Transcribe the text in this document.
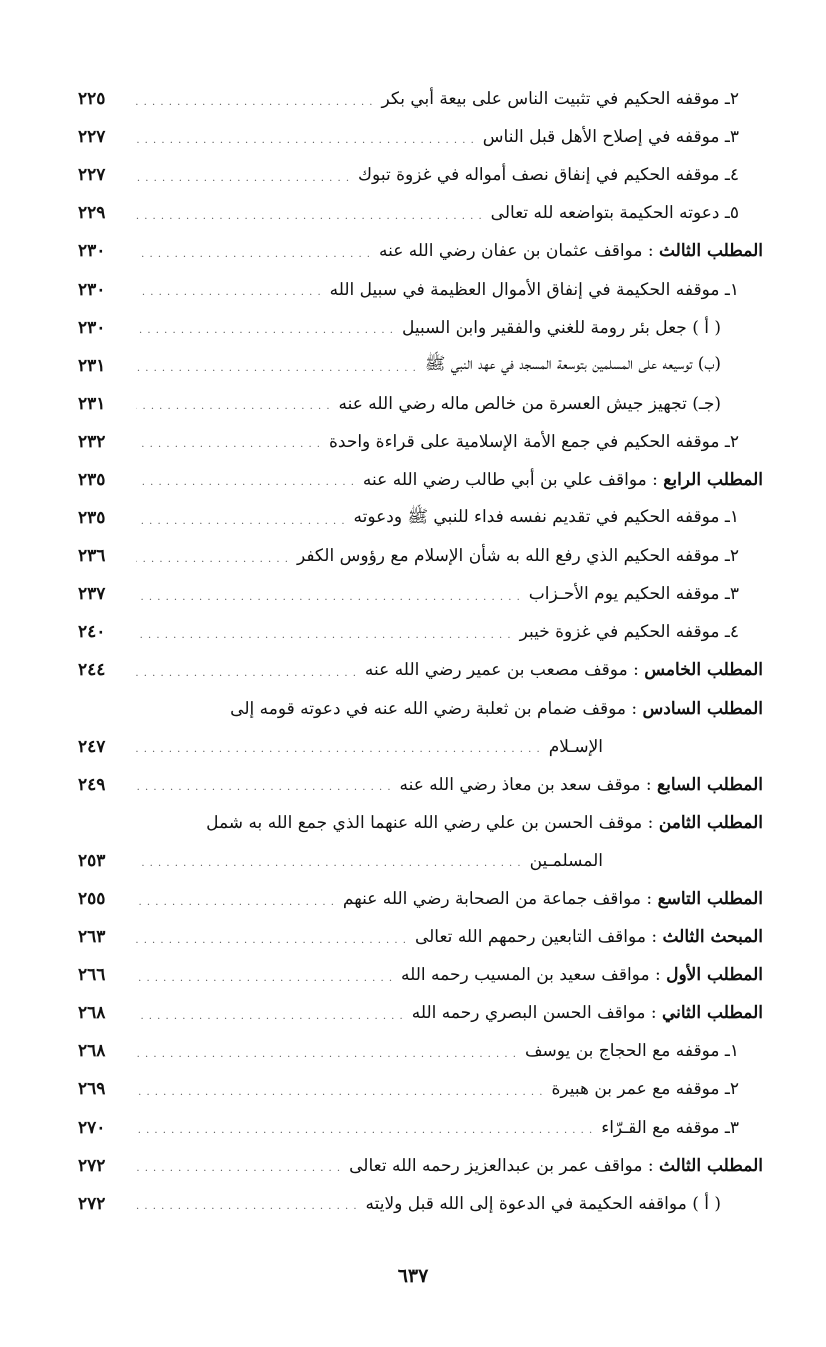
٢ـ موقفه الحكيم في تثبيت الناس على بيعة أبي بكر
. . .
٢٢٥
٣ـ موقفه في إصلاح الأهل قبل الناس
. . .
٢٢٧
٤ـ موقفه الحكيم في إنفاق نصف أمواله في غزوة تبوك
. . .
٢٢٧
٥ـ دعوته الحكيمة بتواضعه لله تعالى
. . .
٢٢٩
المطلب الثالث : مواقف عثمان بن عفان رضي الله عنه
. . .
٢٣٠
١ـ موقفه الحكيمة في إنفاق الأموال العظيمة في سبيل الله
. . .
٢٣٠
( أ ) جعل بئر رومة للغني والفقير وابن السبيل
. . .
٢٣٠
(ب) توسيعه على المسلمين بتوسعة المسجد في عهد النبي ﷺ
. . .
٢٣١
(جـ) تجهيز جيش العسرة من خالص ماله رضي الله عنه
. . .
٢٣١
٢ـ موقفه الحكيم في جمع الأمة الإسلامية على قراءة واحدة
. . .
٢٣٢
المطلب الرابع : مواقف علي بن أبي طالب رضي الله عنه
. . .
٢٣٥
١ـ موقفه الحكيم في تقديم نفسه فداء للنبي ﷺ ودعوته
. . .
٢٣٥
٢ـ موقفه الحكيم الذي رفع الله به شأن الإسلام مع رؤوس الكفر
. . .
٢٣٦
٣ـ موقفه الحكيم يوم الأحـزاب
. . .
٢٣٧
٤ـ موقفه الحكيم في غزوة خيبر
. . .
٢٤٠
المطلب الخامس : موقف مصعب بن عمير رضي الله عنه
. . .
٢٤٤
المطلب السادس : موقف ضمام بن ثعلبة رضي الله عنه في دعوته قومه إلى
الإسـلام
. . .
٢٤٧
المطلب السابع : موقف سعد بن معاذ رضي الله عنه
. . .
٢٤٩
المطلب الثامن : موقف الحسن بن علي رضي الله عنهما الذي جمع الله به شمل
المسلمـين
. . .
٢٥٣
المطلب التاسع : مواقف جماعة من الصحابة رضي الله عنهم
. . .
٢٥٥
المبحث الثالث : مواقف التابعين رحمهم الله تعالى
. . .
٢٦٣
المطلب الأول : مواقف سعيد بن المسيب رحمه الله
. . .
٢٦٦
المطلب الثاني : مواقف الحسن البصري رحمه الله
. . .
٢٦٨
١ـ موقفه مع الحجاج بن يوسف
. . .
٢٦٨
٢ـ موقفه مع عمر بن هبيرة
. . .
٢٦٩
٣ـ موقفه مع القـرّاء
. . .
٢٧٠
المطلب الثالث : مواقف عمر بن عبدالعزيز رحمه الله تعالى
. . .
٢٧٢
( أ ) مواقفه الحكيمة في الدعوة إلى الله قبل ولايته
. . .
٢٧٢
٦٣٧
